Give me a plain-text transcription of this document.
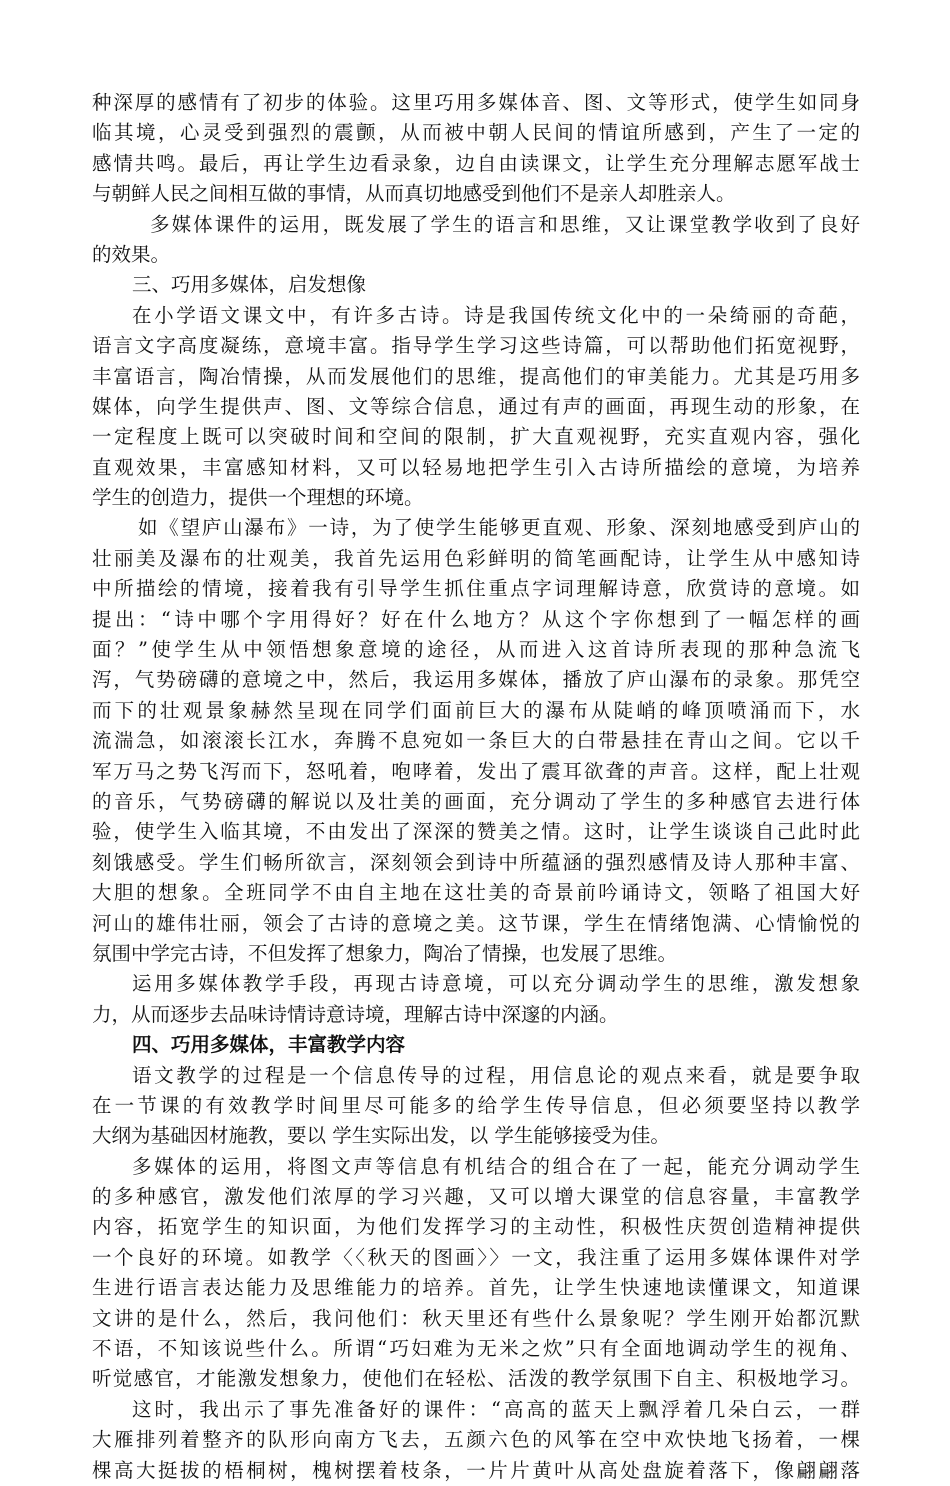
种深厚的感情有了初步的体验。这里巧用多媒体音、图、文等形式，使学生如同身
临其境，心灵受到强烈的震颤，从而被中朝人民间的情谊所感到，产生了一定的
感情共鸣。最后，再让学生边看录象，边自由读课文，让学生充分理解志愿军战士
与朝鲜人民之间相互做的事情，从而真切地感受到他们不是亲人却胜亲人。
多媒体课件的运用，既发展了学生的语言和思维，又让课堂教学收到了良好
的效果。
三、巧用多媒体，启发想像
在小学语文课文中，有许多古诗。诗是我国传统文化中的一朵绮丽的奇葩，
语言文字高度凝练，意境丰富。指导学生学习这些诗篇，可以帮助他们拓宽视野，
丰富语言，陶冶情操，从而发展他们的思维，提高他们的审美能力。尤其是巧用多
媒体，向学生提供声、图、文等综合信息，通过有声的画面，再现生动的形象，在
一定程度上既可以突破时间和空间的限制，扩大直观视野，充实直观内容，强化
直观效果，丰富感知材料，又可以轻易地把学生引入古诗所描绘的意境，为培养
学生的创造力，提供一个理想的环境。
如《望庐山瀑布》一诗，为了使学生能够更直观、形象、深刻地感受到庐山的
壮丽美及瀑布的壮观美，我首先运用色彩鲜明的简笔画配诗，让学生从中感知诗
中所描绘的情境，接着我有引导学生抓住重点字词理解诗意，欣赏诗的意境。如
提出：“诗中哪个字用得好？好在什么地方？从这个字你想到了一幅怎样的画
面？”使学生从中领悟想象意境的途径，从而进入这首诗所表现的那种急流飞
泻，气势磅礴的意境之中，然后，我运用多媒体，播放了庐山瀑布的录象。那凭空
而下的壮观景象赫然呈现在同学们面前巨大的瀑布从陡峭的峰顶喷涌而下，水
流湍急，如滚滚长江水，奔腾不息宛如一条巨大的白带悬挂在青山之间。它以千
军万马之势飞泻而下，怒吼着，咆哮着，发出了震耳欲聋的声音。这样，配上壮观
的音乐，气势磅礴的解说以及壮美的画面，充分调动了学生的多种感官去进行体
验，使学生入临其境，不由发出了深深的赞美之情。这时，让学生谈谈自己此时此
刻饿感受。学生们畅所欲言，深刻领会到诗中所蕴涵的强烈感情及诗人那种丰富、
大胆的想象。全班同学不由自主地在这壮美的奇景前吟诵诗文，领略了祖国大好
河山的雄伟壮丽，领会了古诗的意境之美。这节课，学生在情绪饱满、心情愉悦的
氛围中学完古诗，不但发挥了想象力，陶冶了情操，也发展了思维。
运用多媒体教学手段，再现古诗意境，可以充分调动学生的思维，激发想象
力，从而逐步去品味诗情诗意诗境，理解古诗中深邃的内涵。
四、巧用多媒体，丰富教学内容
语文教学的过程是一个信息传导的过程，用信息论的观点来看，就是要争取
在一节课的有效教学时间里尽可能多的给学生传导信息，但必须要坚持以教学
大纲为基础因材施教，要以 学生实际出发，以 学生能够接受为佳。
多媒体的运用，将图文声等信息有机结合的组合在了一起，能充分调动学生
的多种感官，激发他们浓厚的学习兴趣，又可以增大课堂的信息容量，丰富教学
内容，拓宽学生的知识面，为他们发挥学习的主动性，积极性庆贺创造精神提供
一个良好的环境。如教学〈〈秋天的图画〉〉一文，我注重了运用多媒体课件对学
生进行语言表达能力及思维能力的培养。首先，让学生快速地读懂课文，知道课
文讲的是什么，然后，我问他们：秋天里还有些什么景象呢？学生刚开始都沉默
不语，不知该说些什么。所谓“巧妇难为无米之炊”只有全面地调动学生的视角、
听觉感官，才能激发想象力，使他们在轻松、活泼的教学氛围下自主、积极地学习。
这时，我出示了事先准备好的课件：“高高的蓝天上飘浮着几朵白云，一群
大雁排列着整齐的队形向南方飞去，五颜六色的风筝在空中欢快地飞扬着，一棵
棵高大挺拔的梧桐树，槐树摆着枝条，一片片黄叶从高处盘旋着落下，像翩翩落
